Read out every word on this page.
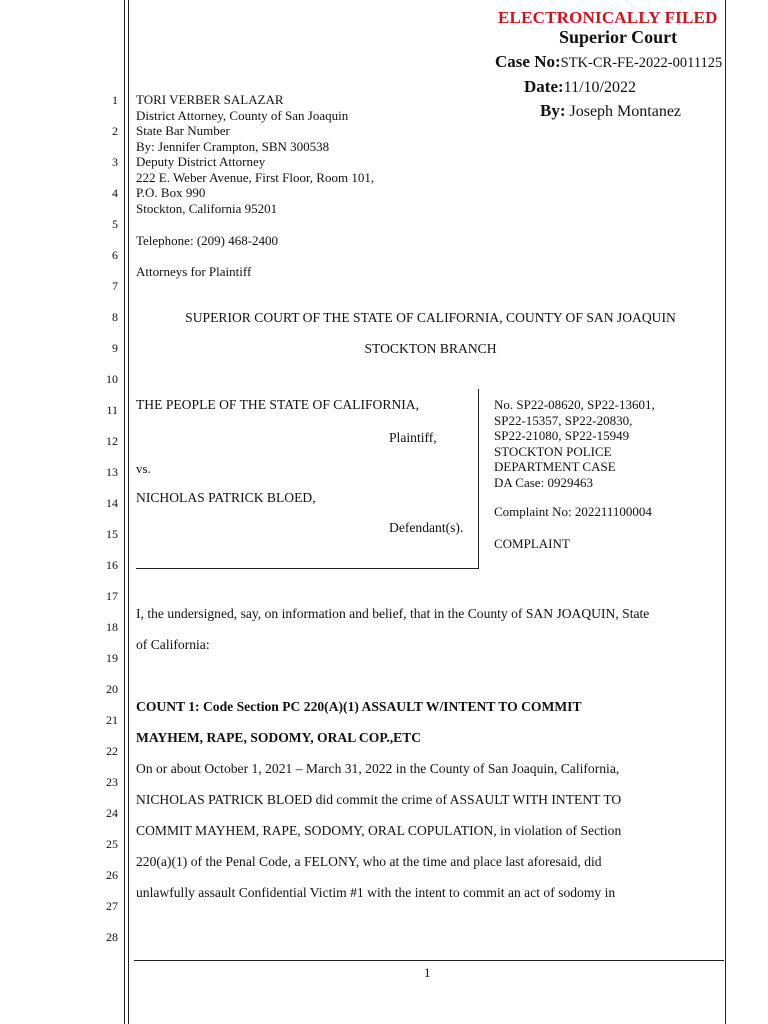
ELECTRONICALLY FILED
Superior Court
Case No:STK-CR-FE-2022-0011125
Date:11/10/2022
By: Joseph Montanez
1
2
3
4
5
6
7
8
9
10
11
12
13
14
15
16
17
18
19
20
21
22
23
24
25
26
27
28
TORI VERBER SALAZAR
District Attorney, County of San Joaquin
State Bar Number
By: Jennifer Crampton, SBN 300538
Deputy District Attorney
222 E. Weber Avenue, First Floor, Room 101,
P.O. Box 990
Stockton, California 95201
Telephone: (209) 468-2400
Attorneys for Plaintiff
SUPERIOR COURT OF THE STATE OF CALIFORNIA, COUNTY OF SAN JOAQUIN
STOCKTON BRANCH
THE PEOPLE OF THE STATE OF CALIFORNIA,
Plaintiff,
vs.
NICHOLAS PATRICK BLOED,
Defendant(s).
No. SP22-08620, SP22-13601,
SP22-15357, SP22-20830,
SP22-21080, SP22-15949
STOCKTON POLICE
DEPARTMENT CASE
DA Case: 0929463
Complaint No: 202211100004
COMPLAINT
I, the undersigned, say, on information and belief, that in the County of SAN JOAQUIN, State
of California:
COUNT 1: Code Section PC 220(A)(1) ASSAULT W/INTENT TO COMMIT
MAYHEM, RAPE, SODOMY, ORAL COP.,ETC
On or about October 1, 2021 – March 31, 2022 in the County of San Joaquin, California,
NICHOLAS PATRICK BLOED did commit the crime of ASSAULT WITH INTENT TO
COMMIT MAYHEM, RAPE, SODOMY, ORAL COPULATION, in violation of Section
220(a)(1) of the Penal Code, a FELONY, who at the time and place last aforesaid, did
unlawfully assault Confidential Victim #1 with the intent to commit an act of sodomy in
1
